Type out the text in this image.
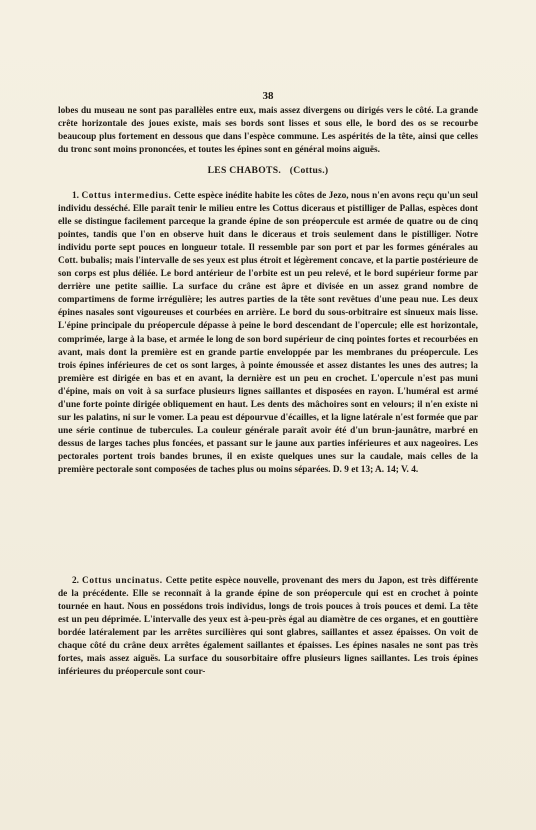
38

lobes du museau ne sont pas parallèles entre eux, mais assez divergens ou dirigés vers le côté. La grande crête horizontale des joues existe, mais ses bords sont lisses et sous elle, le bord des os se recourbe beaucoup plus fortement en dessous que dans l'espèce commune. Les aspérités de la tête, ainsi que celles du tronc sont moins prononcées, et toutes les épines sont en général moins aiguës.

LES CHABOTS. (Cottus.)

1. Cottus intermedius. Cette espèce inédite habite les côtes de Jezo, nous n'en avons reçu qu'un seul individu desséché. Elle paraît tenir le milieu entre les Cottus diceraus et pistilliger de Pallas, espèces dont elle se distingue facilement parceque la grande épine de son préopercule est armée de quatre ou de cinq pointes, tandis que l'on en observe huit dans le diceraus et trois seulement dans le pistilliger. Notre individu porte sept pouces en longueur totale. Il ressemble par son port et par les formes générales au Cott. bubalis; mais l'intervalle de ses yeux est plus étroit et légèrement concave, et la partie postérieure de son corps est plus déliée. Le bord antérieur de l'orbite est un peu relevé, et le bord supérieur forme par derrière une petite saillie. La surface du crâne est âpre et divisée en un assez grand nombre de compartimens de forme irrégulière; les autres parties de la tête sont revêtues d'une peau nue. Les deux épines nasales sont vigoureuses et courbées en arrière. Le bord du sous-orbitraire est sinueux mais lisse. L'épine principale du préopercule dépasse à peine le bord descendant de l'opercule; elle est horizontale, comprimée, large à la base, et armée le long de son bord supérieur de cinq pointes fortes et recourbées en avant, mais dont la première est en grande partie enveloppée par les membranes du préopercule. Les trois épines inférieures de cet os sont larges, à pointe émoussée et assez distantes les unes des autres; la première est dirigée en bas et en avant, la dernière est un peu en crochet. L'opercule n'est pas muni d'épine, mais on voit à sa surface plusieurs lignes saillantes et disposées en rayon. L'huméral est armé d'une forte pointe dirigée obliquement en haut. Les dents des mâchoires sont en velours; il n'en existe ni sur les palatins, ni sur le vomer. La peau est dépourvue d'écailles, et la ligne latérale n'est formée que par une série continue de tubercules. La couleur générale paraît avoir été d'un brun-jaunâtre, marbré en dessus de larges taches plus foncées, et passant sur le jaune aux parties inférieures et aux nageoires. Les pectorales portent trois bandes brunes, il en existe quelques unes sur la caudale, mais celles de la première pectorale sont composées de taches plus ou moins séparées. D. 9 et 13; A. 14; V. 4.

2. Cottus uncinatus. Cette petite espèce nouvelle, provenant des mers du Japon, est très différente de la précédente. Elle se reconnaît à la grande épine de son préopercule qui est en crochet à pointe tournée en haut. Nous en possédons trois individus, longs de trois pouces à trois pouces et demi. La tête est un peu déprimée. L'intervalle des yeux est à-peu-près égal au diamètre de ces organes, et en gouttière bordée latéralement par les arrêtes surcilières qui sont glabres, saillantes et assez épaisses. On voit de chaque côté du crâne deux arrêtes également saillantes et épaisses. Les épines nasales ne sont pas très fortes, mais assez aiguës. La surface du sousorbitaire offre plusieurs lignes saillantes. Les trois épines inférieures du préopercule sont cour-
